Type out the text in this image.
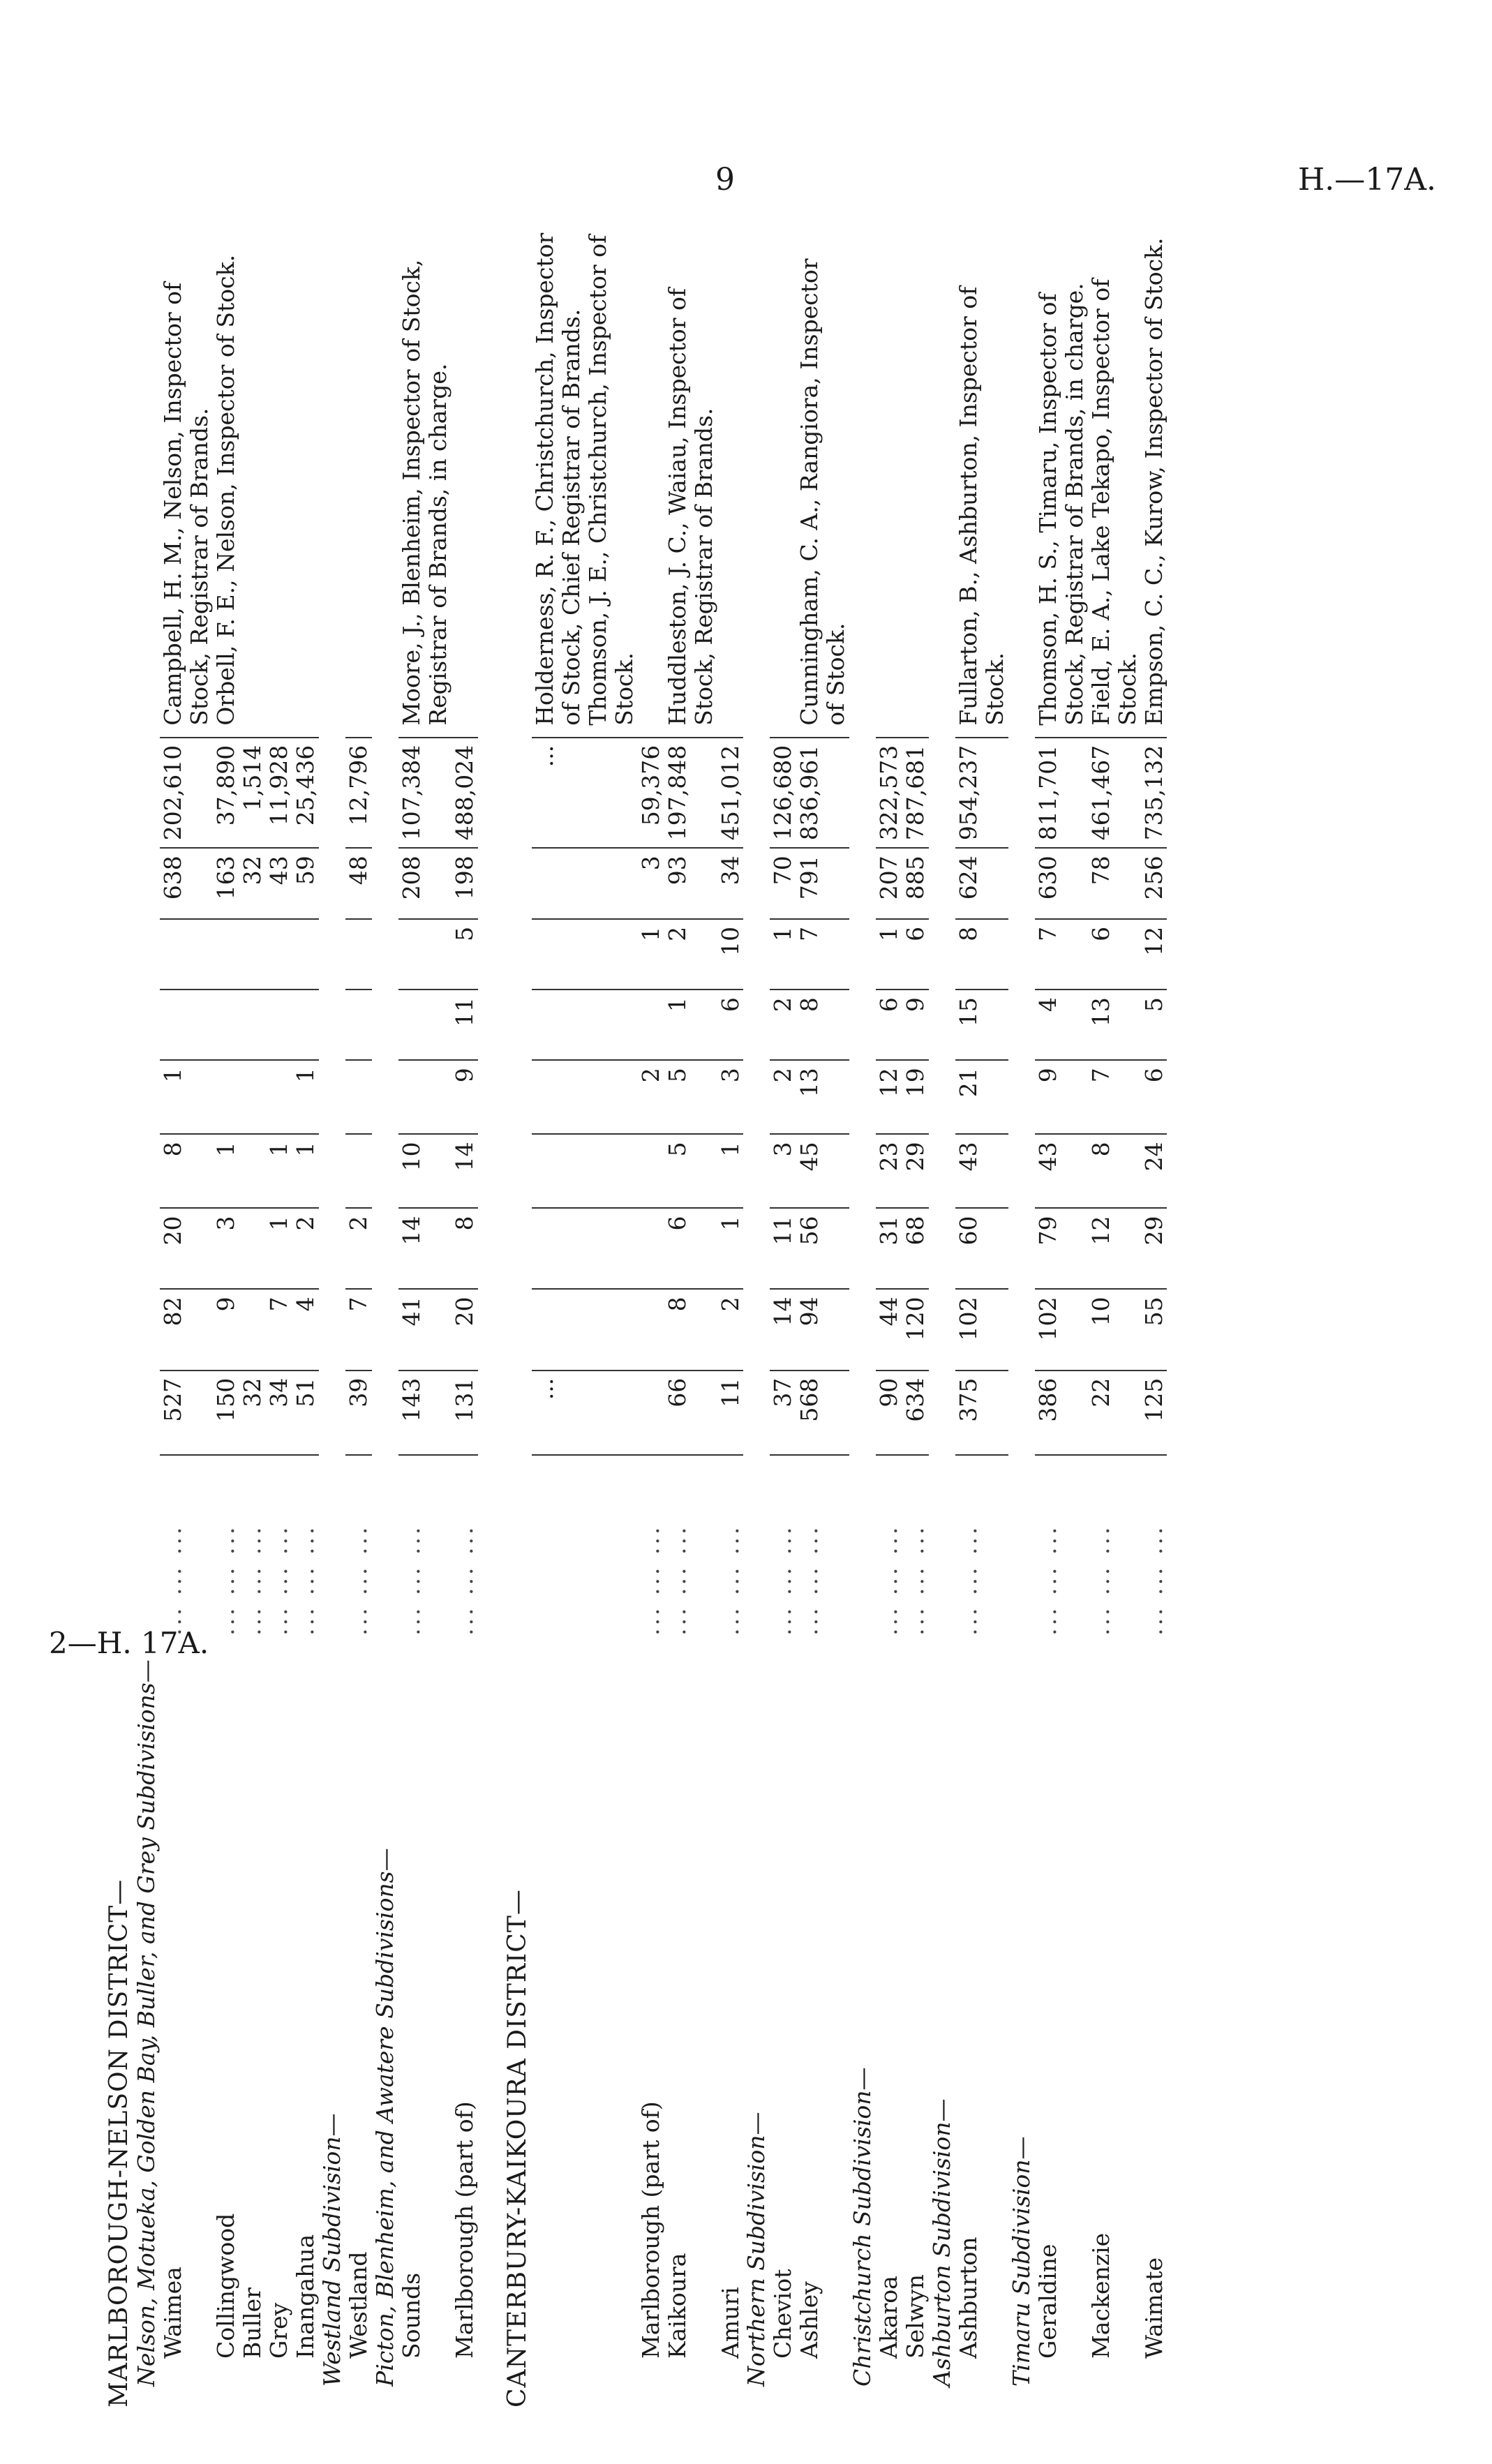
9	H.—17A.
2—H. 17A.
MARLBOROUGH-NELSON DISTRICT—											
Nelson, Motueka, Golden Bay, Buller, and Grey Subdivisions—											
Waimea	... ... ...	527	82	20	8	1			638	202,610	Campbell, H. M., Nelson, Inspector of Stock, Registrar of Brands.
Collingwood	... ... ...	150	9	3	1				163	37,890	Orbell, F. E., Nelson, Inspector of Stock.
Buller	... ... ...	32							32	1,514	
Grey	... ... ...	34	7	1	1				43	11,928	
Inangahua	... ... ...	51	4	2	1	1			59	25,436	
Westland Subdivision—											
Westland	... ... ...	39	7	2					48	12,796	
Picton, Blenheim, and Awatere Subdivisions—											
Sounds	... ... ...	143	41	14	10				208	107,384	Moore, J., Blenheim, Inspector of Stock, Registrar of Brands, in charge.
Marlborough (part of)	... ... ...	131	20	8	14	9	11	5	198	488,024	

CANTERBURY-KAIKOURA DISTRICT—											
		...								...	Holderness, R. F., Christchurch, Inspector of Stock, Chief Registrar of Brands. Thomson, J. E., Christchurch, Inspector of Stock.
Marlborough (part of)	... ... ...					2		1	3	59,376	
Kaikoura	... ... ...	66	8	6	5	5	1	2	93	197,848	Huddleston, J. C., Waiau, Inspector of Stock, Registrar of Brands.
Amuri	... ... ...	11	2	1	1	3	6	10	34	451,012	
Northern Subdivision—											
Cheviot	... ... ...	37	14	11	3	2	2	1	70	126,680	
Ashley	... ... ...	568	94	56	45	13	8	7	791	836,961	Cunningham, C. A., Rangiora, Inspector of Stock.
Christchurch Subdivision—											
Akaroa	... ... ...	90	44	31	23	12	6	1	207	322,573	
Selwyn	... ... ...	634	120	68	29	19	9	6	885	787,681	
Ashburton Subdivision—											
Ashburton	... ... ...	375	102	60	43	21	15	8	624	954,237	Fullarton, B., Ashburton, Inspector of Stock.
Timaru Subdivision—											
Geraldine	... ... ...	386	102	79	43	9	4	7	630	811,701	Thomson, H. S., Timaru, Inspector of Stock, Registrar of Brands, in charge.
Mackenzie	... ... ...	22	10	12	8	7	13	6	78	461,467	Field, E. A., Lake Tekapo, Inspector of Stock.
Waimate	... ... ...	125	55	29	24	6	5	12	256	735,132	Empson, C. C., Kurow, Inspector of Stock.
